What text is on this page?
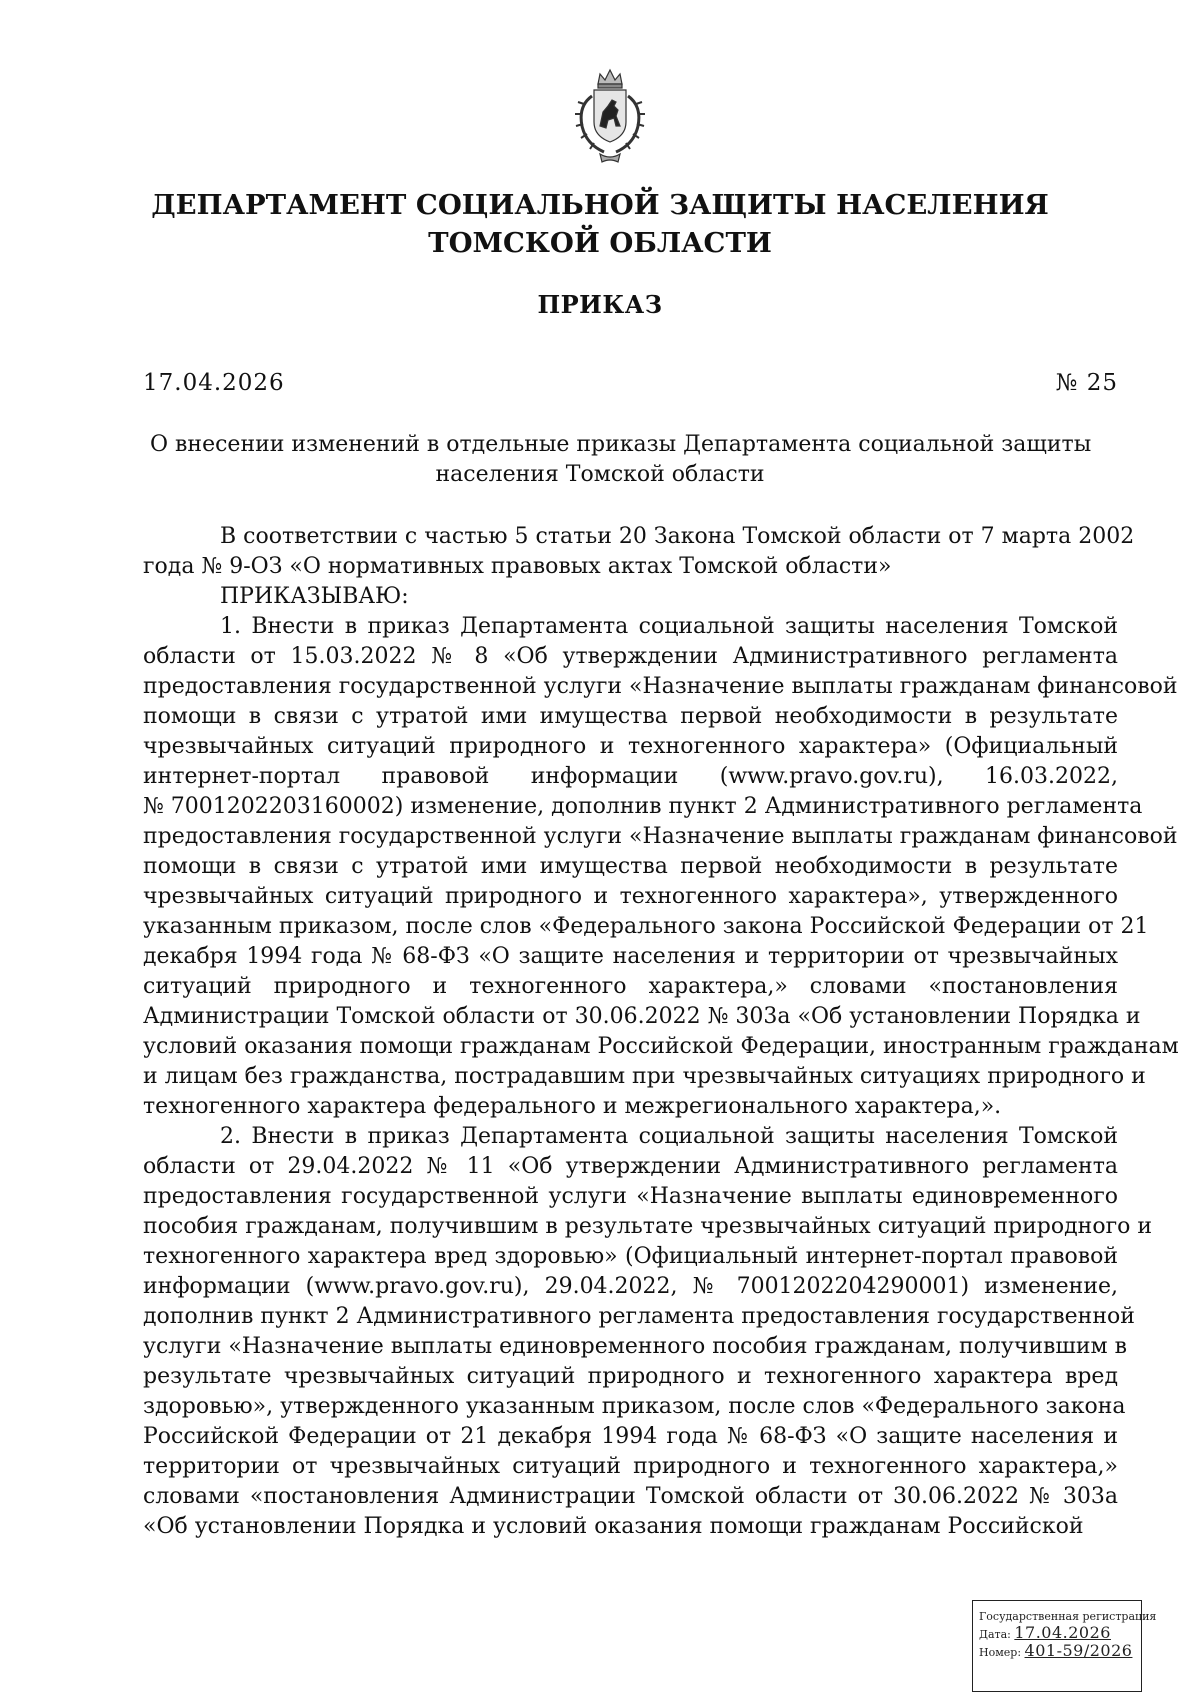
ДЕПАРТАМЕНТ СОЦИАЛЬНОЙ ЗАЩИТЫ НАСЕЛЕНИЯ
ТОМСКОЙ ОБЛАСТИ
ПРИКАЗ
17.04.2026	№ 25
О внесении изменений в отдельные приказы Департамента социальной защиты
населения Томской области
В соответствии с частью 5 статьи 20 Закона Томской области от 7 марта 2002
года № 9-ОЗ «О нормативных правовых актах Томской области»
ПРИКАЗЫВАЮ:
1. Внести в приказ Департамента социальной защиты населения Томской
области от 15.03.2022 № 8 «Об утверждении Административного регламента
предоставления государственной услуги «Назначение выплаты гражданам финансовой
помощи в связи с утратой ими имущества первой необходимости в результате
чрезвычайных ситуаций природного и техногенного характера» (Официальный
интернет-портал правовой информации (www.pravo.gov.ru), 16.03.2022,
№ 7001202203160002) изменение, дополнив пункт 2 Административного регламента
предоставления государственной услуги «Назначение выплаты гражданам финансовой
помощи в связи с утратой ими имущества первой необходимости в результате
чрезвычайных ситуаций природного и техногенного характера», утвержденного
указанным приказом, после слов «Федерального закона Российской Федерации от 21
декабря 1994 года № 68-ФЗ «О защите населения и территории от чрезвычайных
ситуаций природного и техногенного характера,» словами «постановления
Администрации Томской области от 30.06.2022 № 303а «Об установлении Порядка и
условий оказания помощи гражданам Российской Федерации, иностранным гражданам
и лицам без гражданства, пострадавшим при чрезвычайных ситуациях природного и
техногенного характера федерального и межрегионального характера,».
2. Внести в приказ Департамента социальной защиты населения Томской
области от 29.04.2022 № 11 «Об утверждении Административного регламента
предоставления государственной услуги «Назначение выплаты единовременного
пособия гражданам, получившим в результате чрезвычайных ситуаций природного и
техногенного характера вред здоровью» (Официальный интернет-портал правовой
информации (www.pravo.gov.ru), 29.04.2022, № 7001202204290001) изменение,
дополнив пункт 2 Административного регламента предоставления государственной
услуги «Назначение выплаты единовременного пособия гражданам, получившим в
результате чрезвычайных ситуаций природного и техногенного характера вред
здоровью», утвержденного указанным приказом, после слов «Федерального закона
Российской Федерации от 21 декабря 1994 года № 68-ФЗ «О защите населения и
территории от чрезвычайных ситуаций природного и техногенного характера,»
словами «постановления Администрации Томской области от 30.06.2022 № 303а
«Об установлении Порядка и условий оказания помощи гражданам Российской
Государственная регистрация
Дата: 17.04.2026
Номер: 401-59/2026
